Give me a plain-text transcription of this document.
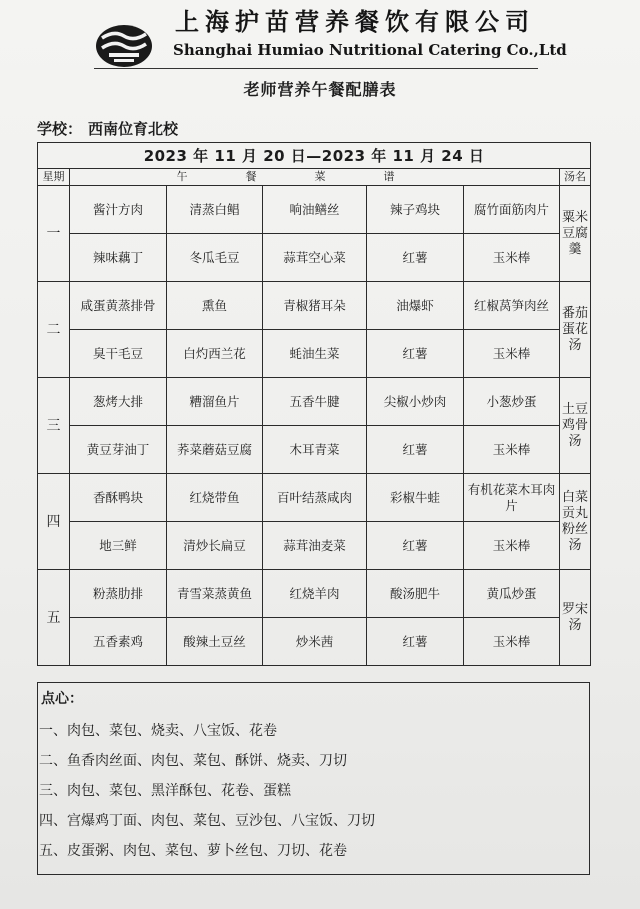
上海护苗营养餐饮有限公司
Shanghai Humiao Nutritional Catering Co.,Ltd
老师营养午餐配膳表
学校： 西南位育北校
2023 年 11 月 20 日—2023 年 11 月 24 日						
星期	午餐菜谱					汤名
一	酱汁方肉	清蒸白鲳	响油鳝丝	辣子鸡块	腐竹面筋肉片	粟米豆腐羹
	辣味藕丁	冬瓜毛豆	蒜茸空心菜	红薯	玉米棒	
二	咸蛋黄蒸排骨	熏鱼	青椒猪耳朵	油爆虾	红椒莴笋肉丝	番茄蛋花汤
	臭干毛豆	白灼西兰花	蚝油生菜	红薯	玉米棒	
三	葱烤大排	糟溜鱼片	五香牛腱	尖椒小炒肉	小葱炒蛋	土豆鸡骨汤
	黄豆芽油丁	荞菜蘑菇豆腐	木耳青菜	红薯	玉米棒	
四	香酥鸭块	红烧带鱼	百叶结蒸咸肉	彩椒牛蛙	有机花菜木耳肉片	白菜贡丸粉丝汤
	地三鲜	清炒长扁豆	蒜茸油麦菜	红薯	玉米棒	
五	粉蒸肋排	青雪菜蒸黄鱼	红烧羊肉	酸汤肥牛	黄瓜炒蛋	罗宋汤
	五香素鸡	酸辣土豆丝	炒米茜	红薯	玉米棒	
点心：
一、肉包、菜包、烧卖、八宝饭、花卷
二、鱼香肉丝面、肉包、菜包、酥饼、烧卖、刀切
三、肉包、菜包、黑洋酥包、花卷、蛋糕
四、宫爆鸡丁面、肉包、菜包、豆沙包、八宝饭、刀切
五、皮蛋粥、肉包、菜包、萝卜丝包、刀切、花卷
